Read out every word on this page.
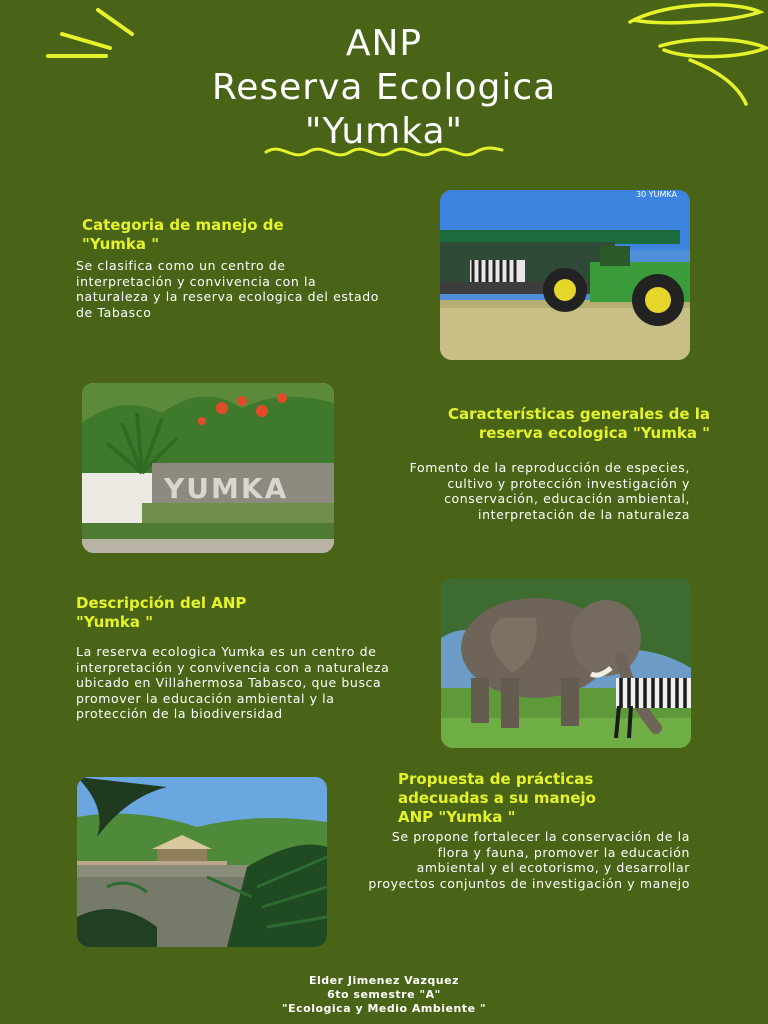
ANP
Reserva Ecologica
"Yumka"
Categoria de manejo de
"Yumka "

Se clasifica como un centro de interpretación y convivencia con la naturaleza y la reserva ecologica del estado de Tabasco

30 YUMKA
YUMKA
Características generales de la
reserva ecologica "Yumka "

Fomento de la reproducción de especies, cultivo y protección investigación y conservación, educación ambiental, interpretación de la naturaleza

Descripción del ANP
"Yumka "

La reserva ecologica Yumka es un centro de interpretación y convivencia con a naturaleza ubicado en Villahermosa Tabasco, que busca promover la educación ambiental y la protección de la biodiversidad

Propuesta de prácticas
adecuadas a su manejo
ANP "Yumka "

Se propone fortalecer la conservación de la flora y fauna, promover la educación ambiental y el ecotorismo, y desarrollar proyectos conjuntos de investigación y manejo

Elder Jimenez Vazquez
6to semestre "A"
"Ecologica y Medio Ambiente "
